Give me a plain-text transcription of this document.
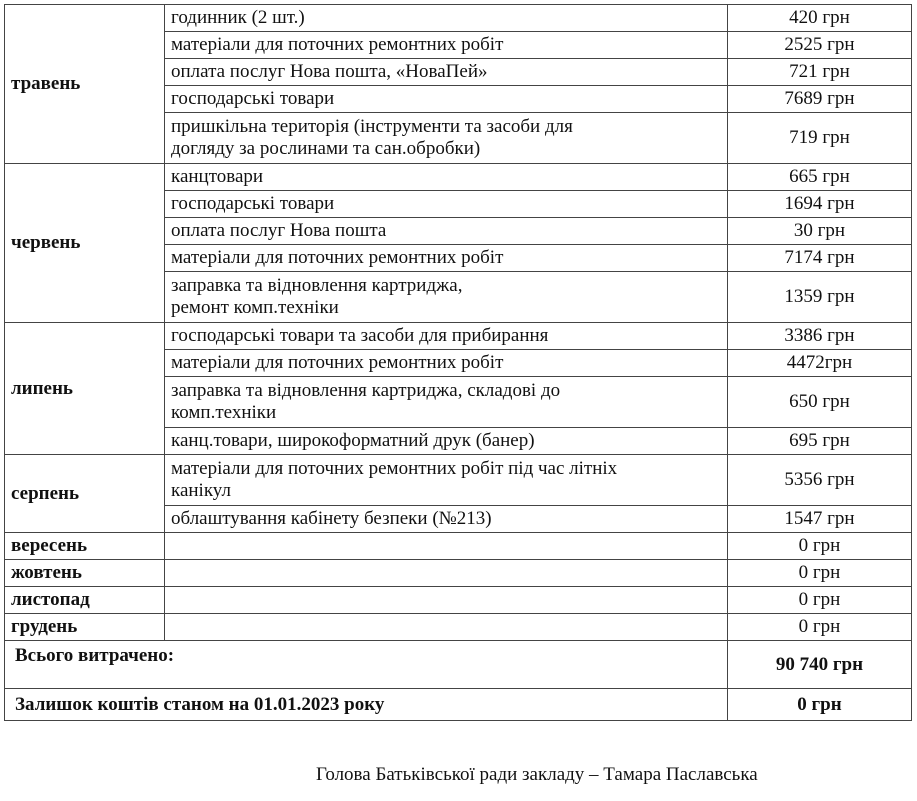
травень	годинник (2 шт.)	420 грн
	матеріали для поточних ремонтних робіт	2525 грн
	оплата послуг Нова пошта, «НоваПей»	721 грн
	господарські товари	7689 грн
	пришкільна територія (інструменти та засоби для
догляду за рослинами та сан.обробки)	719 грн
червень	канцтовари	665 грн
	господарські товари	1694 грн
	оплата послуг Нова пошта	30 грн
	матеріали для поточних ремонтних робіт	7174 грн
	заправка та відновлення картриджа,
ремонт комп.техніки	1359 грн
липень	господарські товари та засоби для прибирання	3386 грн
	матеріали для поточних ремонтних робіт	4472грн
	заправка та відновлення картриджа, складові до
комп.техніки	650 грн
	канц.товари, широкоформатний друк (банер)	695 грн
серпень	матеріали для поточних ремонтних робіт під час літніх
канікул	5356 грн
	облаштування кабінету безпеки (№213)	1547 грн
вересень		0 грн
жовтень		0 грн
листопад		0 грн
грудень		0 грн
Всього витрачено:		90 740 грн
Залишок коштів станом на 01.01.2023 року		0 грн
Голова Батьківської ради закладу – Тамара Паславська
